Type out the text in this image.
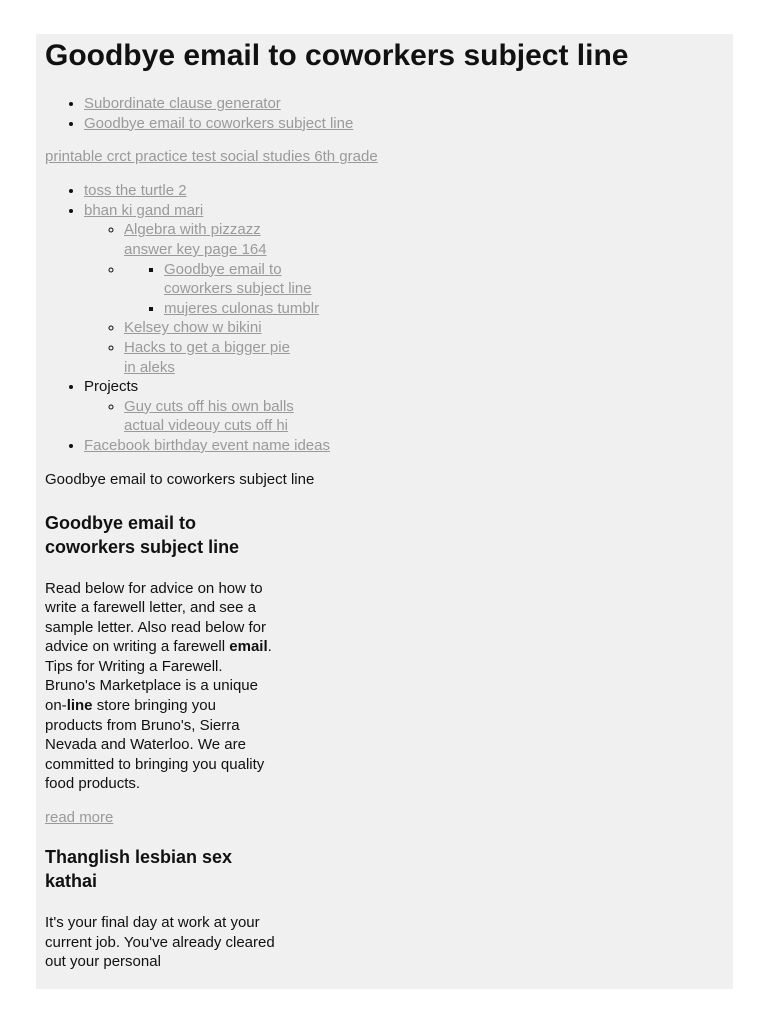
Goodbye email to coworkers subject line
• Subordinate clause generator
• Goodbye email to coworkers subject line
printable crct practice test social studies 6th grade
• toss the turtle 2
• bhan ki gand mari
◦ Algebra with pizzazz answer key page 164
▪ ◦ Goodbye email to coworkers subject line
▪ mujeres culonas tumblr
◦ Kelsey chow w bikini
◦ Hacks to get a bigger pie in aleks
• Projects
◦ Guy cuts off his own balls actual videouy cuts off hi
• Facebook birthday event name ideas
Goodbye email to coworkers subject line
Goodbye email to coworkers subject line

Read below for advice on how to write a farewell letter, and see a sample letter. Also read below for advice on writing a farewell email. Tips for Writing a Farewell. Bruno's Marketplace is a unique on-line store bringing you products from Bruno's, Sierra Nevada and Waterloo. We are committed to bringing you quality food products.

read more
Thanglish lesbian sex kathai

It's your final day at work at your current job. You've already cleared out your personal
